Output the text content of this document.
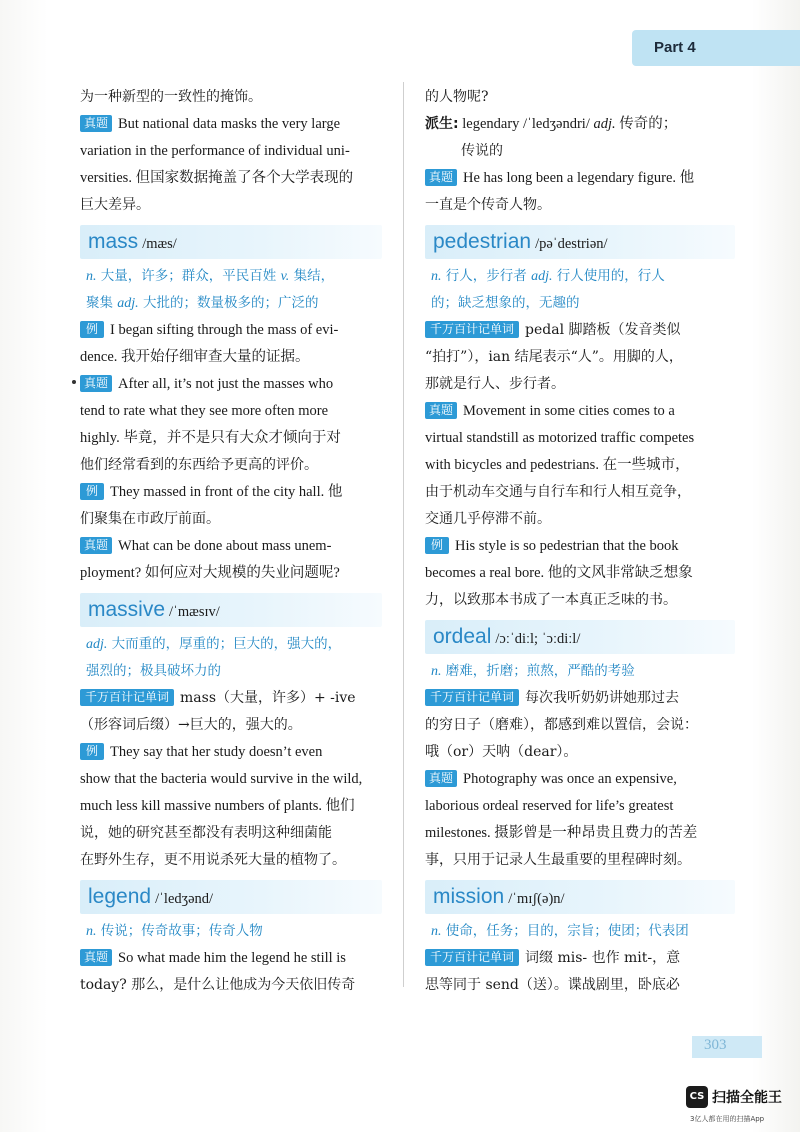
Part 4
为一种新型的一致性的掩饰。
真题 But national data masks the very large
variation in the performance of individual uni-
versities. 但国家数据掩盖了各个大学表现的
巨大差异。
mass /mæs/
n. 大量，许多；群众，平民百姓 v. 集结，
聚集 adj. 大批的；数量极多的；广泛的
例 I began sifting through the mass of evi-
dence. 我开始仔细审查大量的证据。
真题 After all, it’s not just the masses who
tend to rate what they see more often more
highly. 毕竟，并不是只有大众才倾向于对
他们经常看到的东西给予更高的评价。
例 They massed in front of the city hall. 他
们聚集在市政厅前面。
真题 What can be done about mass unem-
ployment? 如何应对大规模的失业问题呢?
massive /ˈmæsɪv/
adj. 大而重的，厚重的；巨大的，强大的，
强烈的；极具破坏力的
千万百计记单词 mass（大量，许多）+ -ive
（形容词后缀）→巨大的，强大的。
例 They say that her study doesn’t even
show that the bacteria would survive in the wild,
much less kill massive numbers of plants. 他们
说，她的研究甚至都没有表明这种细菌能
在野外生存，更不用说杀死大量的植物了。
legend /ˈledʒənd/
n. 传说；传奇故事；传奇人物
真题 So what made him the legend he still is
today? 那么，是什么让他成为今天依旧传奇
的人物呢?
派生: legendary /ˈledʒəndri/ adj. 传奇的；
传说的
真题 He has long been a legendary figure. 他
一直是个传奇人物。
pedestrian /pəˈdestriən/
n. 行人，步行者 adj. 行人使用的，行人
的；缺乏想象的，无趣的
千万百计记单词 pedal 脚踏板（发音类似
“拍打”），ian 结尾表示“人”。用脚的人，
那就是行人、步行者。
真题 Movement in some cities comes to a
virtual standstill as motorized traffic competes
with bicycles and pedestrians. 在一些城市，
由于机动车交通与自行车和行人相互竞争，
交通几乎停滞不前。
例 His style is so pedestrian that the book
becomes a real bore. 他的文风非常缺乏想象
力，以致那本书成了一本真正乏味的书。
ordeal /ɔːˈdiːl; ˈɔːdiːl/
n. 磨难，折磨；煎熬，严酷的考验
千万百计记单词 每次我听奶奶讲她那过去
的穷日子（磨难），都感到难以置信，会说：
哦（or）天呐（dear）。
真题 Photography was once an expensive,
laborious ordeal reserved for life’s greatest
milestones. 摄影曾是一种昂贵且费力的苦差
事，只用于记录人生最重要的里程碑时刻。
mission /ˈmɪʃ(ə)n/
n. 使命，任务；目的，宗旨；使团；代表团
千万百计记单词 词缀 mis- 也作 mit-，意
思等同于 send（送）。谍战剧里，卧底必
303
CS 扫描全能王
3亿人都在用的扫描App
